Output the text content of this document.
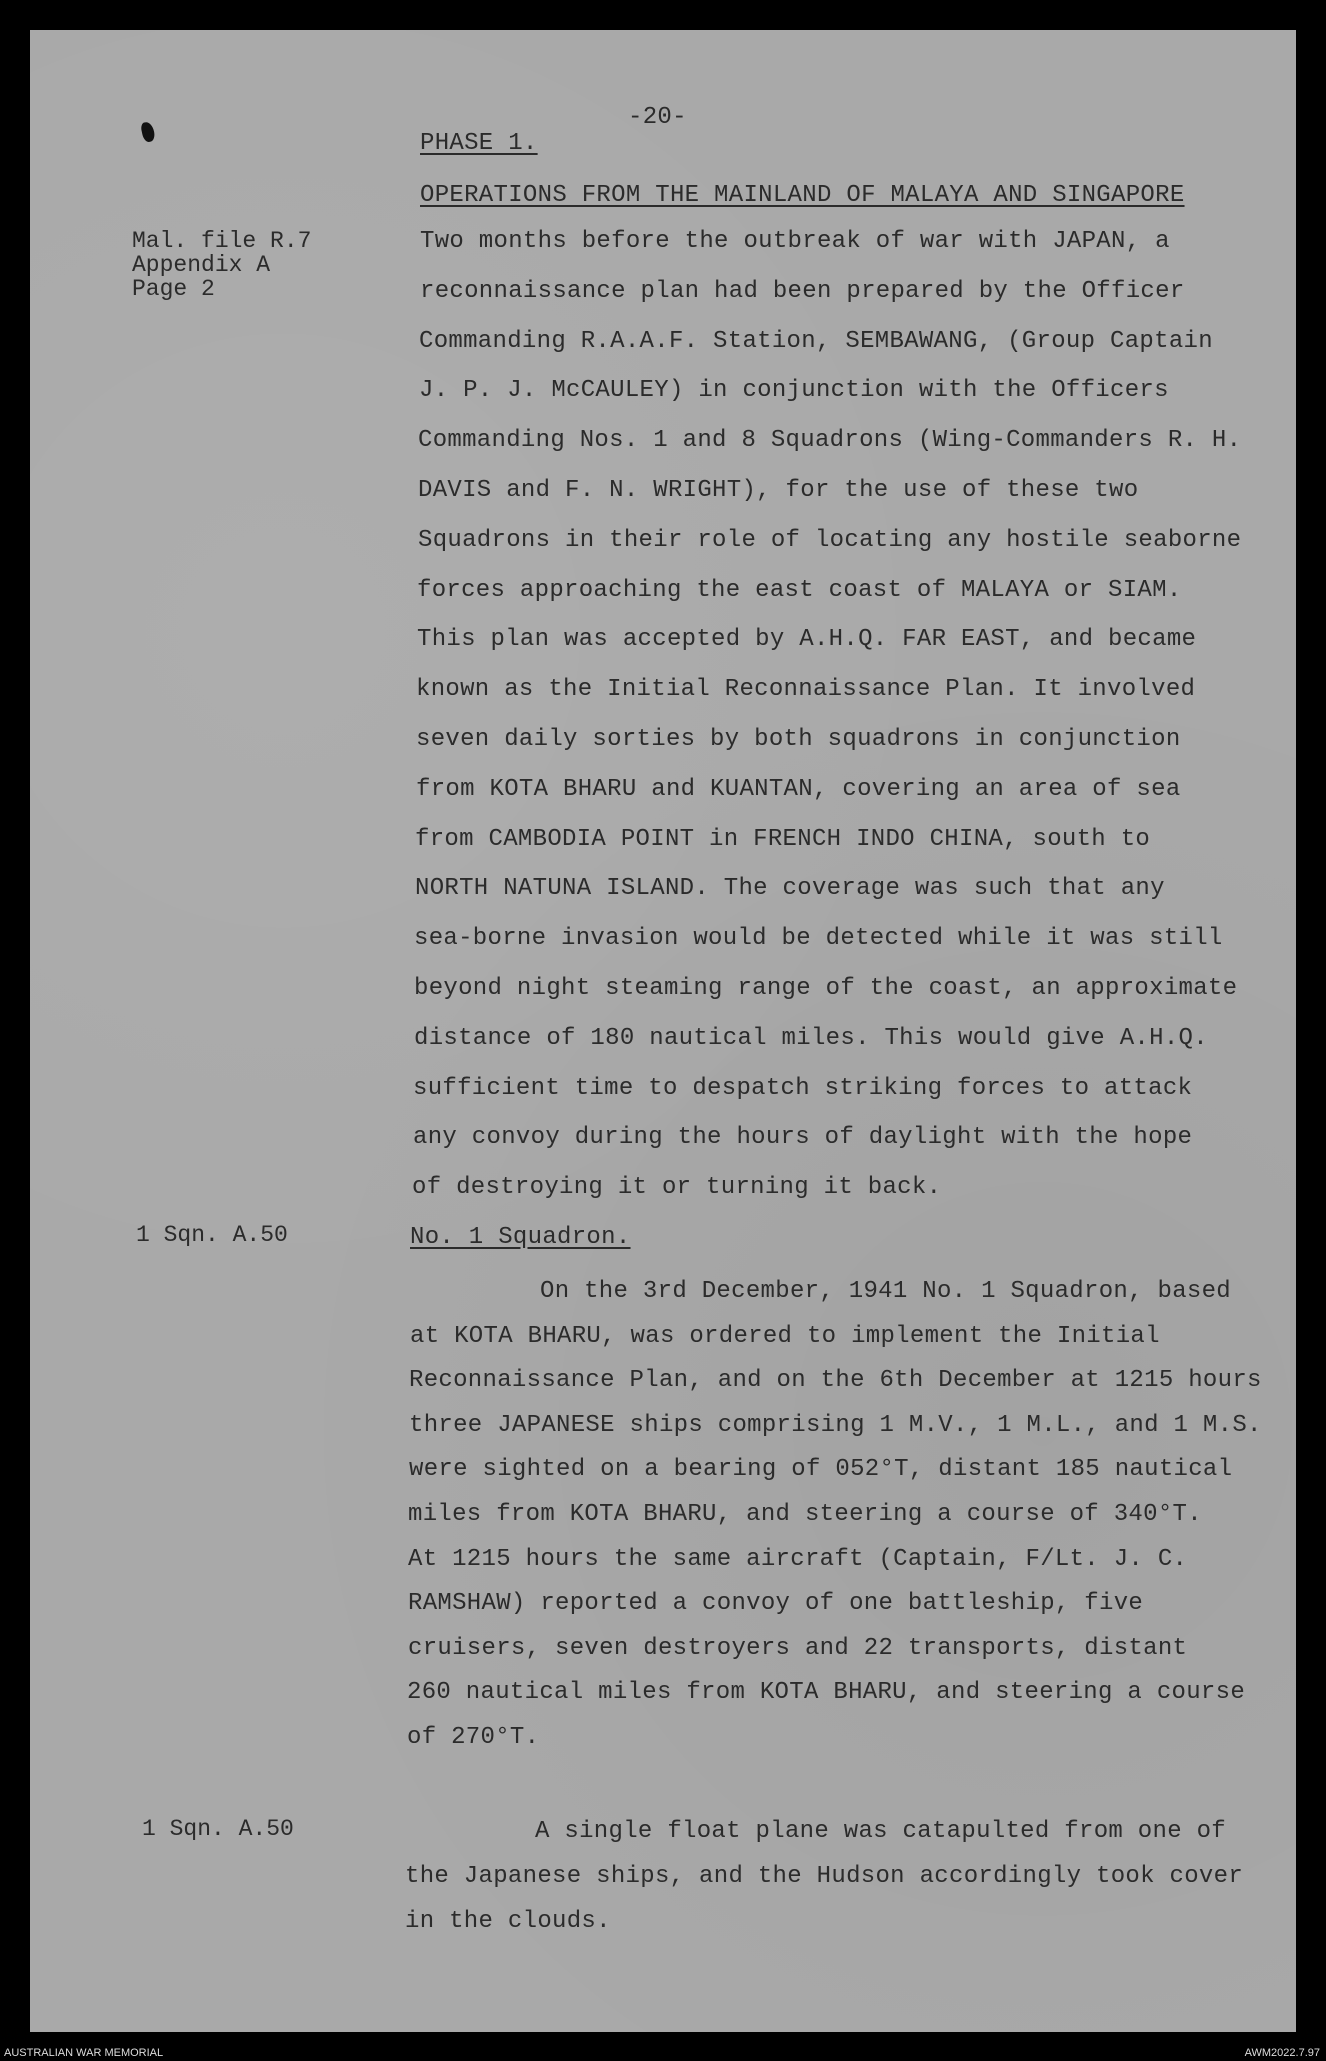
-20-
PHASE 1.
OPERATIONS FROM THE MAINLAND OF MALAYA AND SINGAPORE
Mal. file R.7
Appendix A
Page 2
Two months before the outbreak of war with JAPAN, a
reconnaissance plan had been prepared by the Officer
Commanding R.A.A.F. Station, SEMBAWANG, (Group Captain
J. P. J. McCAULEY) in conjunction with the Officers
Commanding Nos. 1 and 8 Squadrons (Wing-Commanders R. H.
DAVIS and F. N. WRIGHT), for the use of these two
Squadrons in their role of locating any hostile seaborne
forces approaching the east coast of MALAYA or SIAM.
This plan was accepted by A.H.Q. FAR EAST, and became
known as the Initial Reconnaissance Plan. It involved
seven daily sorties by both squadrons in conjunction
from KOTA BHARU and KUANTAN, covering an area of sea
from CAMBODIA POINT in FRENCH INDO CHINA, south to
NORTH NATUNA ISLAND. The coverage was such that any
sea-borne invasion would be detected while it was still
beyond night steaming range of the coast, an approximate
distance of 180 nautical miles. This would give A.H.Q.
sufficient time to despatch striking forces to attack
any convoy during the hours of daylight with the hope
of destroying it or turning it back.
1 Sqn. A.50	No. 1 Squadron.
On the 3rd December, 1941 No. 1 Squadron, based
at KOTA BHARU, was ordered to implement the Initial
Reconnaissance Plan, and on the 6th December at 1215 hours
three JAPANESE ships comprising 1 M.V., 1 M.L., and 1 M.S.
were sighted on a bearing of 052°T, distant 185 nautical
miles from KOTA BHARU, and steering a course of 340°T.
At 1215 hours the same aircraft (Captain, F/Lt. J. C.
RAMSHAW) reported a convoy of one battleship, five
cruisers, seven destroyers and 22 transports, distant
260 nautical miles from KOTA BHARU, and steering a course
of 270°T.
1 Sqn. A.50	A single float plane was catapulted from one of
the Japanese ships, and the Hudson accordingly took cover
in the clouds.
AUSTRALIAN WAR MEMORIAL	AWM2022.7.97
